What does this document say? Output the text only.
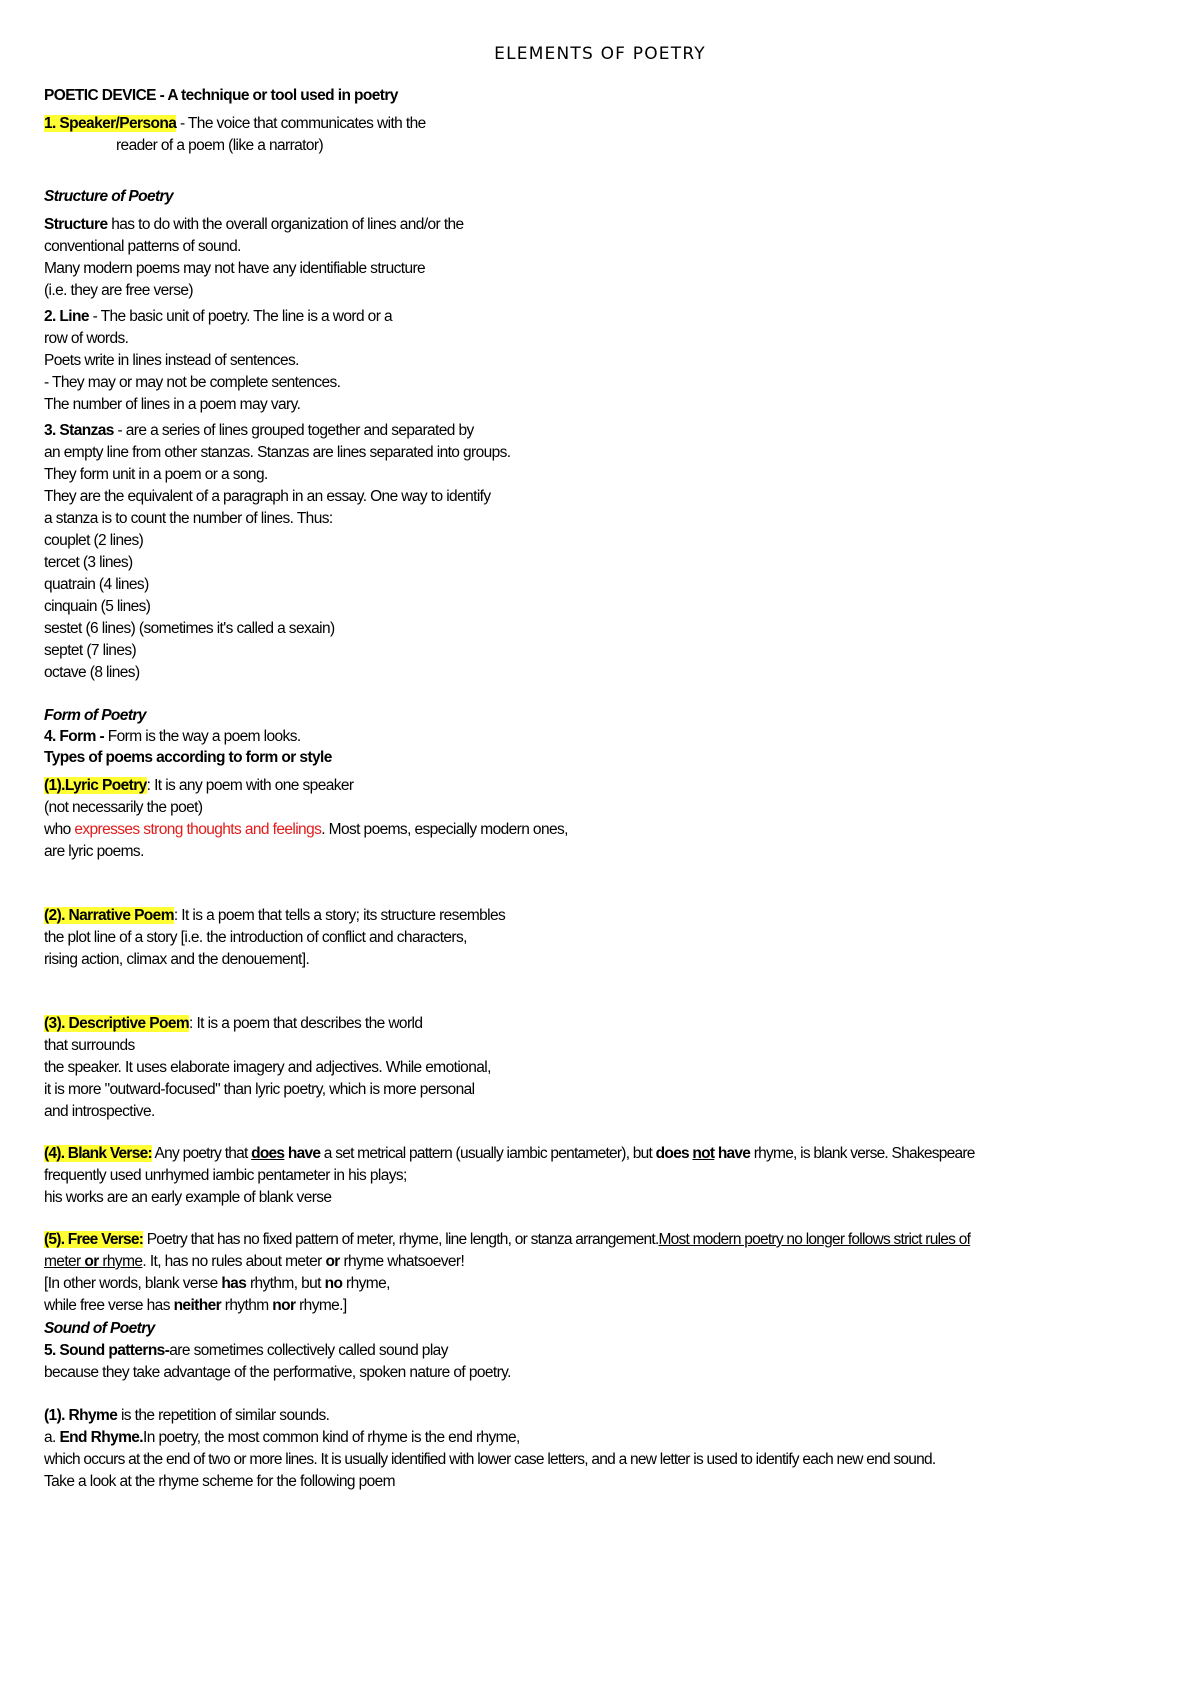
ELEMENTS OF POETRY
POETIC DEVICE - A technique or tool used in poetry
1. Speaker/Persona - The voice that communicates with the
reader of a poem (like a narrator)
Structure of Poetry
Structure has to do with the overall organization of lines and/or the
conventional patterns of sound.
Many modern poems may not have any identifiable structure
(i.e. they are free verse)
2. Line - The basic unit of poetry. The line is a word or a
row of words.
Poets write in lines instead of sentences.
- They may or may not be complete sentences.
The number of lines in a poem may vary.
3. Stanzas - are a series of lines grouped together and separated by
an empty line from other stanzas. Stanzas are lines separated into groups.
They form unit in a poem or a song.
They are the equivalent of a paragraph in an essay. One way to identify
a stanza is to count the number of lines. Thus:
couplet (2 lines)
tercet (3 lines)
quatrain (4 lines)
cinquain (5 lines)
sestet (6 lines) (sometimes it's called a sexain)
septet (7 lines)
octave (8 lines)
Form of Poetry
4. Form - Form is the way a poem looks.
Types of poems according to form or style
(1).Lyric Poetry: It is any poem with one speaker
(not necessarily the poet)
who expresses strong thoughts and feelings. Most poems, especially modern ones,
are lyric poems.
(2). Narrative Poem: It is a poem that tells a story; its structure resembles
the plot line of a story [i.e. the introduction of conflict and characters,
rising action, climax and the denouement].
(3). Descriptive Poem: It is a poem that describes the world
that surrounds
the speaker. It uses elaborate imagery and adjectives. While emotional,
it is more "outward-focused" than lyric poetry, which is more personal
and introspective.
(4). Blank Verse: Any poetry that does have a set metrical pattern (usually iambic pentameter), but does not have rhyme, is blank verse. Shakespeare
frequently used unrhymed iambic pentameter in his plays;
his works are an early example of blank verse
(5). Free Verse: Poetry that has no fixed pattern of meter, rhyme, line length, or stanza arrangement.Most modern poetry no longer follows strict rules of
meter or rhyme. It, has no rules about meter or rhyme whatsoever!
[In other words, blank verse has rhythm, but no rhyme,
while free verse has neither rhythm nor rhyme.]
Sound of Poetry
5. Sound patterns-are sometimes collectively called sound play
because they take advantage of the performative, spoken nature of poetry.
(1). Rhyme is the repetition of similar sounds.
a. End Rhyme.In poetry, the most common kind of rhyme is the end rhyme,
which occurs at the end of two or more lines. It is usually identified with lower case letters, and a new letter is used to identify each new end sound.
Take a look at the rhyme scheme for the following poem
